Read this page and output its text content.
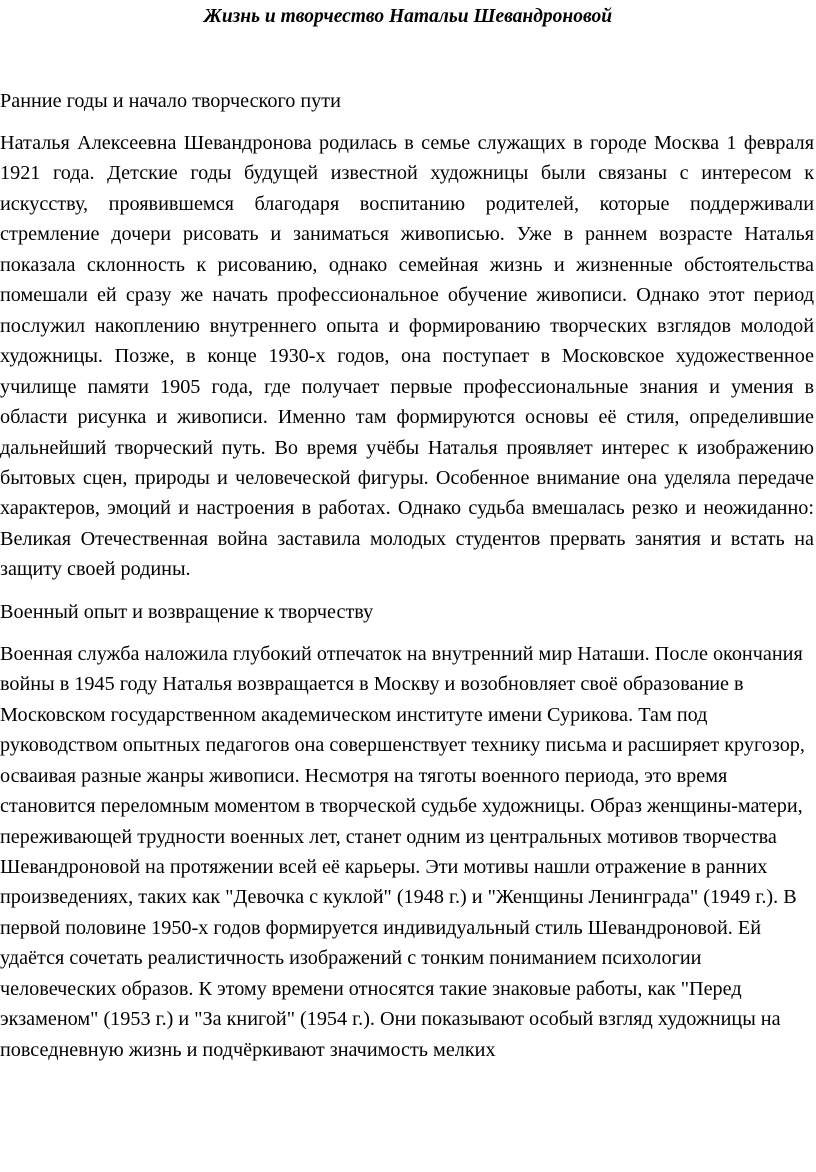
Жизнь и творчество Натальи Шевандроновой
Ранние годы и начало творческого пути

Наталья Алексеевна Шевандронова родилась в семье служащих в городе Москва 1 февраля 1921 года. Детские годы будущей известной художницы были связаны с интересом к искусству, проявившемся благодаря воспитанию родителей, которые поддерживали стремление дочери рисовать и заниматься живописью. Уже в раннем возрасте Наталья показала склонность к рисованию, однако семейная жизнь и жизненные обстоятельства помешали ей сразу же начать профессиональное обучение живописи. Однако этот период послужил накоплению внутреннего опыта и формированию творческих взглядов молодой художницы. Позже, в конце 1930-х годов, она поступает в Московское художественное училище памяти 1905 года, где получает первые профессиональные знания и умения в области рисунка и живописи. Именно там формируются основы её стиля, определившие дальнейший творческий путь. Во время учёбы Наталья проявляет интерес к изображению бытовых сцен, природы и человеческой фигуры. Особенное внимание она уделяла передаче характеров, эмоций и настроения в работах. Однако судьба вмешалась резко и неожиданно: Великая Отечественная война заставила молодых студентов прервать занятия и встать на защиту своей родины.

Военный опыт и возвращение к творчеству

Военная служба наложила глубокий отпечаток на внутренний мир Наташи. После окончания войны в 1945 году Наталья возвращается в Москву и возобновляет своё образование в Московском государственном академическом институте имени Сурикова. Там под руководством опытных педагогов она совершенствует технику письма и расширяет кругозор, осваивая разные жанры живописи. Несмотря на тяготы военного периода, это время становится переломным моментом в творческой судьбе художницы. Образ женщины-матери, переживающей трудности военных лет, станет одним из центральных мотивов творчества Шевандроновой на протяжении всей её карьеры. Эти мотивы нашли отражение в ранних произведениях, таких как "Девочка с куклой" (1948 г.) и "Женщины Ленинграда" (1949 г.). В первой половине 1950-х годов формируется индивидуальный стиль Шевандроновой. Ей удаётся сочетать реалистичность изображений с тонким пониманием психологии человеческих образов. К этому времени относятся такие знаковые работы, как "Перед экзаменом" (1953 г.) и "За книгой" (1954 г.). Они показывают особый взгляд художницы на повседневную жизнь и подчёркивают значимость мелких
